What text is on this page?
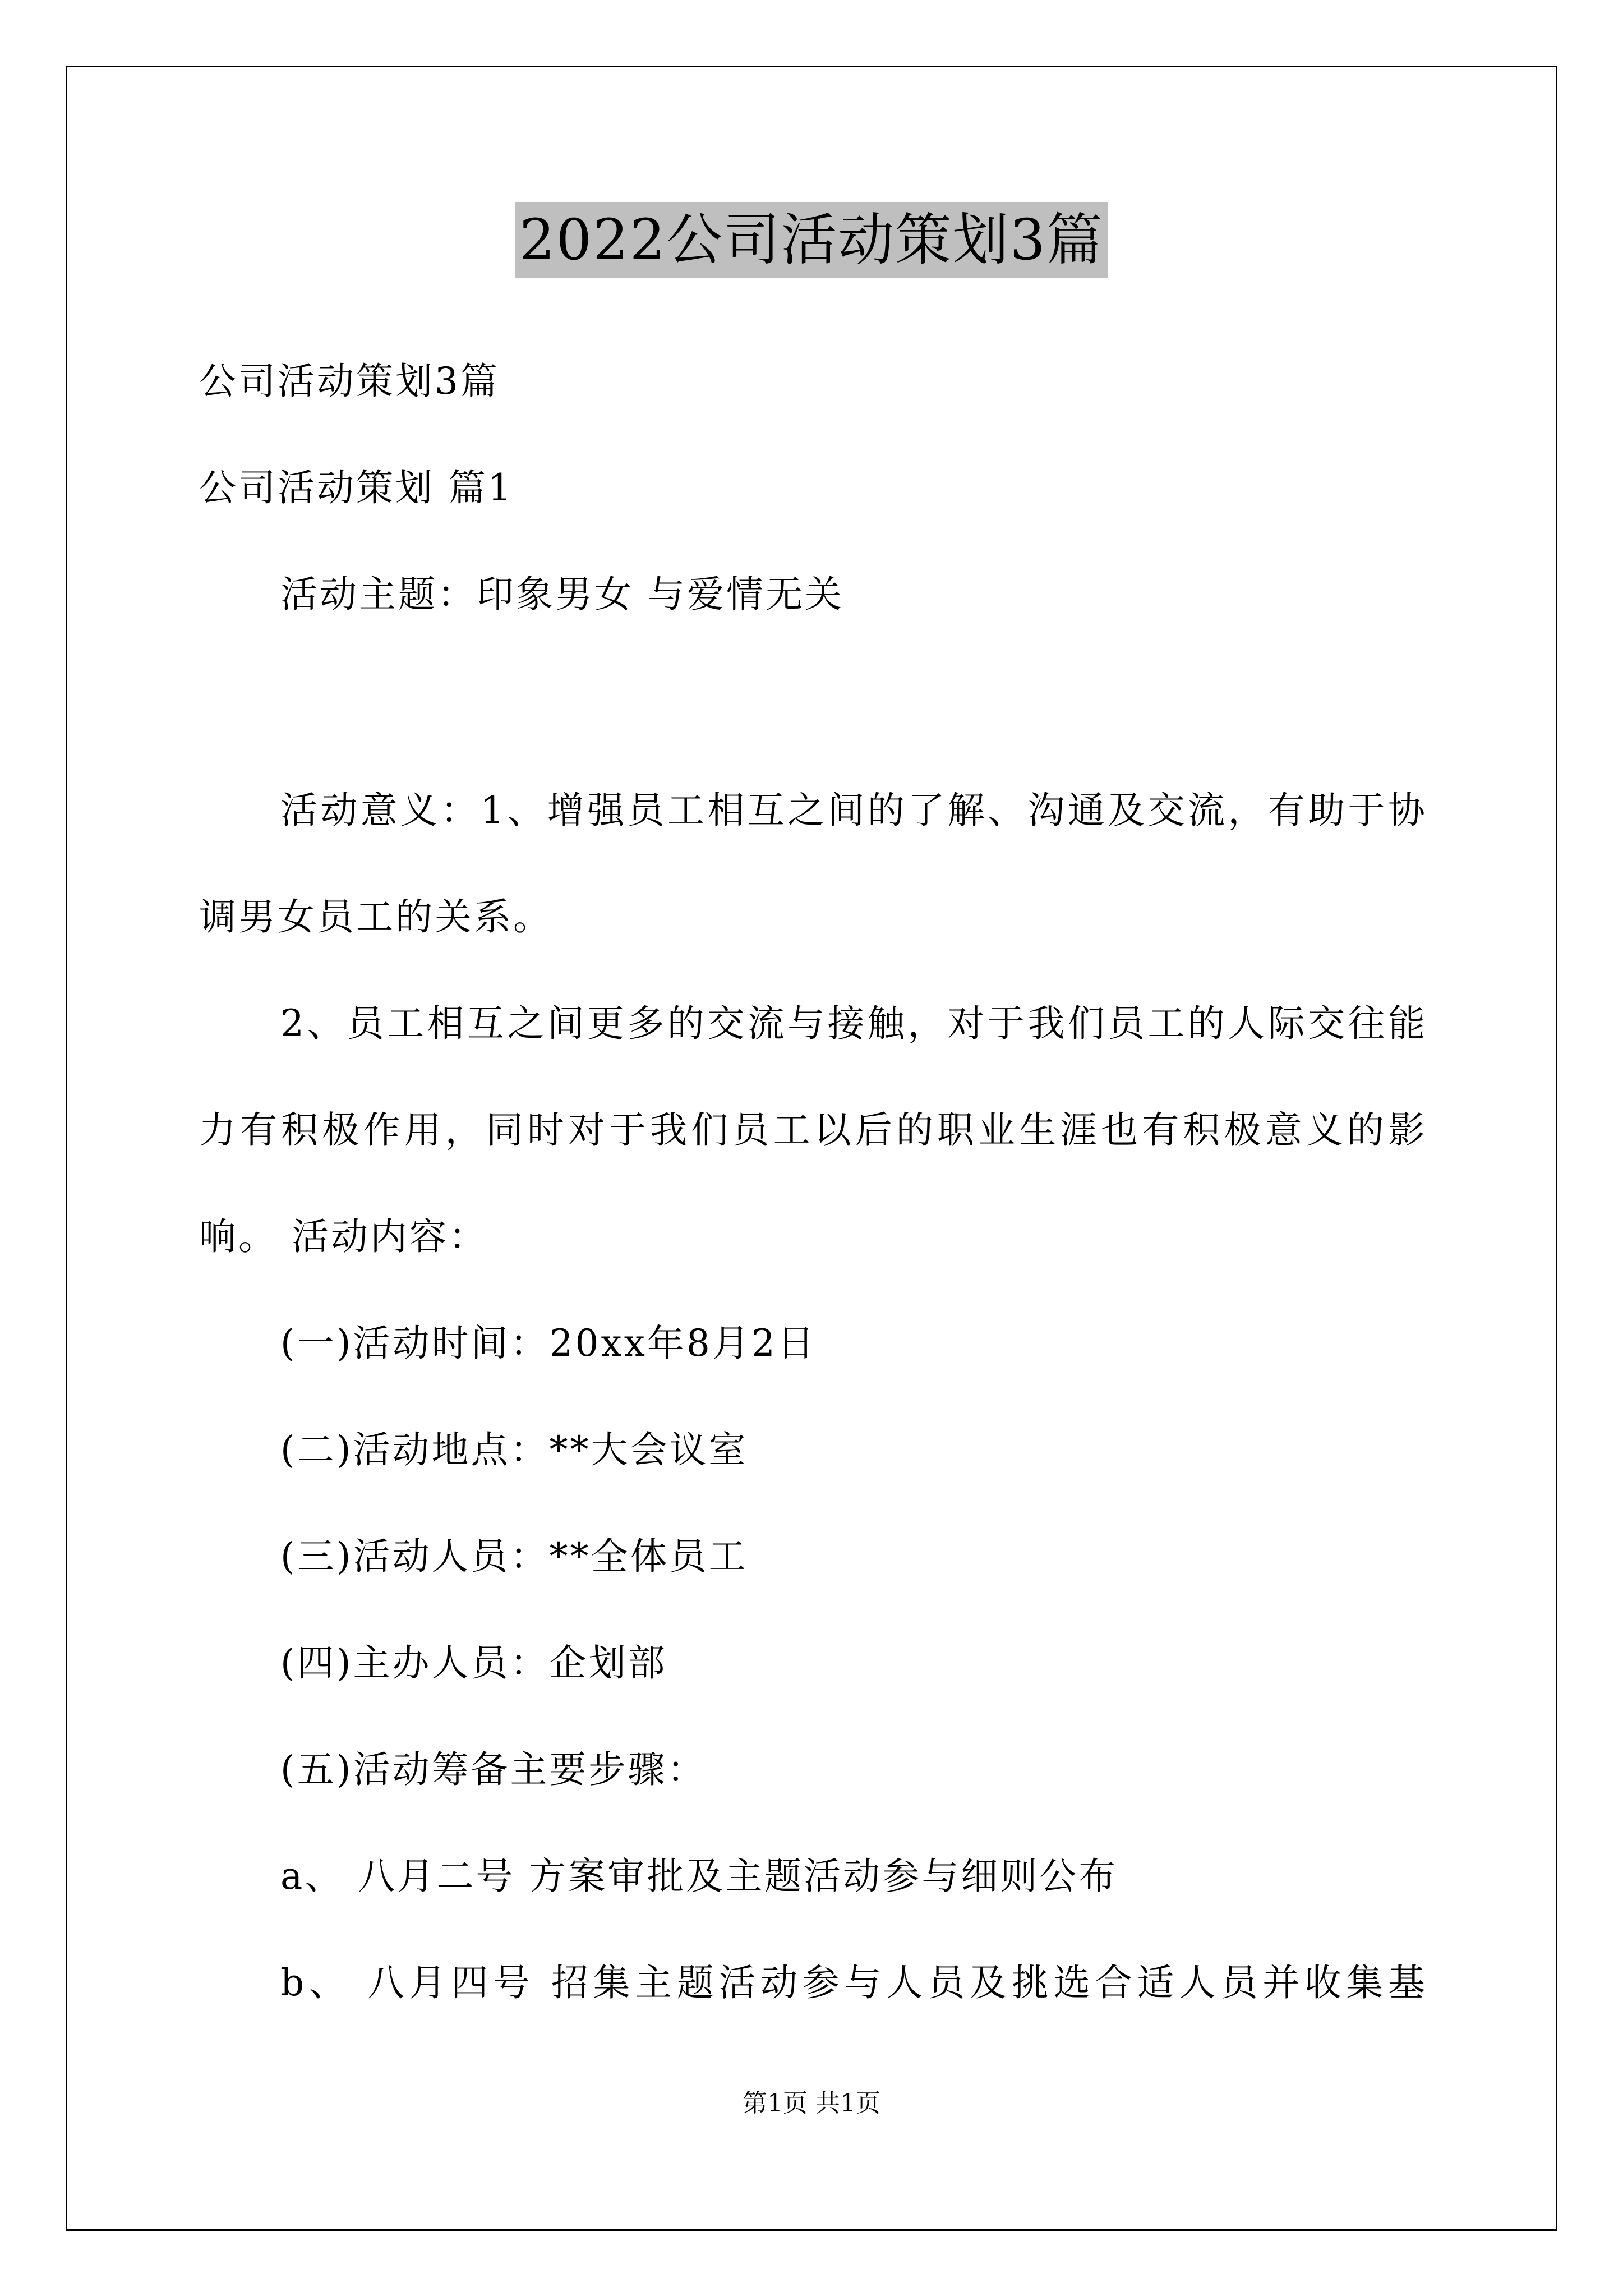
2022公司活动策划3篇
公司活动策划3篇
公司活动策划 篇1
活动主题：印象男女 与爱情无关
活动意义：1、增强员工相互之间的了解、沟通及交流，有助于协
调男女员工的关系。
2、员工相互之间更多的交流与接触，对于我们员工的人际交往能
力有积极作用，同时对于我们员工以后的职业生涯也有积极意义的影
响。 活动内容：
(一)活动时间：20xx年8月2日
(二)活动地点：**大会议室
(三)活动人员：**全体员工
(四)主办人员：企划部
(五)活动筹备主要步骤：
a、 八月二号 方案审批及主题活动参与细则公布
b、 八月四号 招集主题活动参与人员及挑选合适人员并收集基
第1页 共1页
